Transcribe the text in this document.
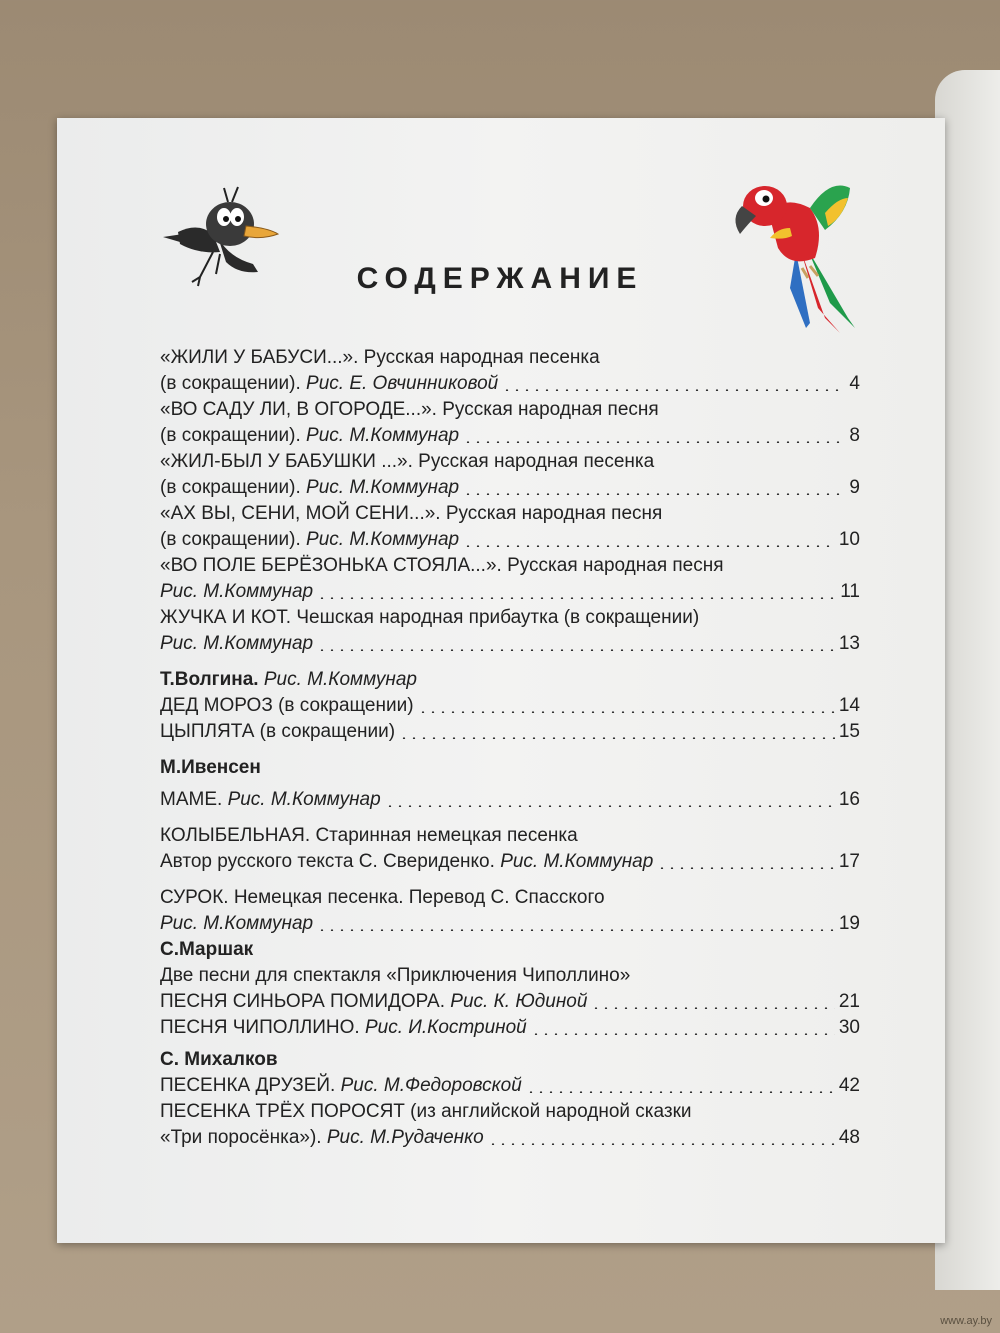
СОДЕРЖАНИЕ
«ЖИЛИ У БАБУСИ...». Русская народная песенка
(в сокращении). Рис. Е. Овчинниковой	4
«ВО САДУ ЛИ, В ОГОРОДЕ...». Русская народная песня
(в сокращении). Рис. М.Коммунар	8
«ЖИЛ-БЫЛ У БАБУШКИ ...». Русская народная песенка
(в сокращении). Рис. М.Коммунар	9
«АХ ВЫ, СЕНИ, МОЙ СЕНИ...». Русская народная песня
(в сокращении). Рис. М.Коммунар	10
«ВО ПОЛЕ БЕРЁЗОНЬКА СТОЯЛА...». Русская народная песня
Рис. М.Коммунар	11
ЖУЧКА И КОТ. Чешская народная прибаутка (в сокращении)
Рис. М.Коммунар	13
Т.Волгина. Рис. М.Коммунар
ДЕД МОРОЗ (в сокращении)	14
ЦЫПЛЯТА (в сокращении)	15
М.Ивенсен
МАМЕ. Рис. М.Коммунар	16
КОЛЫБЕЛЬНАЯ. Старинная немецкая песенка
Автор русского текста С. Свериденко. Рис. М.Коммунар	17
СУРОК. Немецкая песенка. Перевод С. Спасского
Рис. М.Коммунар	19
С.Маршак
Две песни для спектакля «Приключения Чиполлино»
ПЕСНЯ СИНЬОРА ПОМИДОРА. Рис. К. Юдиной	21
ПЕСНЯ ЧИПОЛЛИНО. Рис. И.Костриной	30
С. Михалков
ПЕСЕНКА ДРУЗЕЙ. Рис. М.Федоровской	42
ПЕСЕНКА ТРЁХ ПОРОСЯТ (из английской народной сказки
«Три поросёнка»). Рис. М.Рудаченко	48
www.ay.by
